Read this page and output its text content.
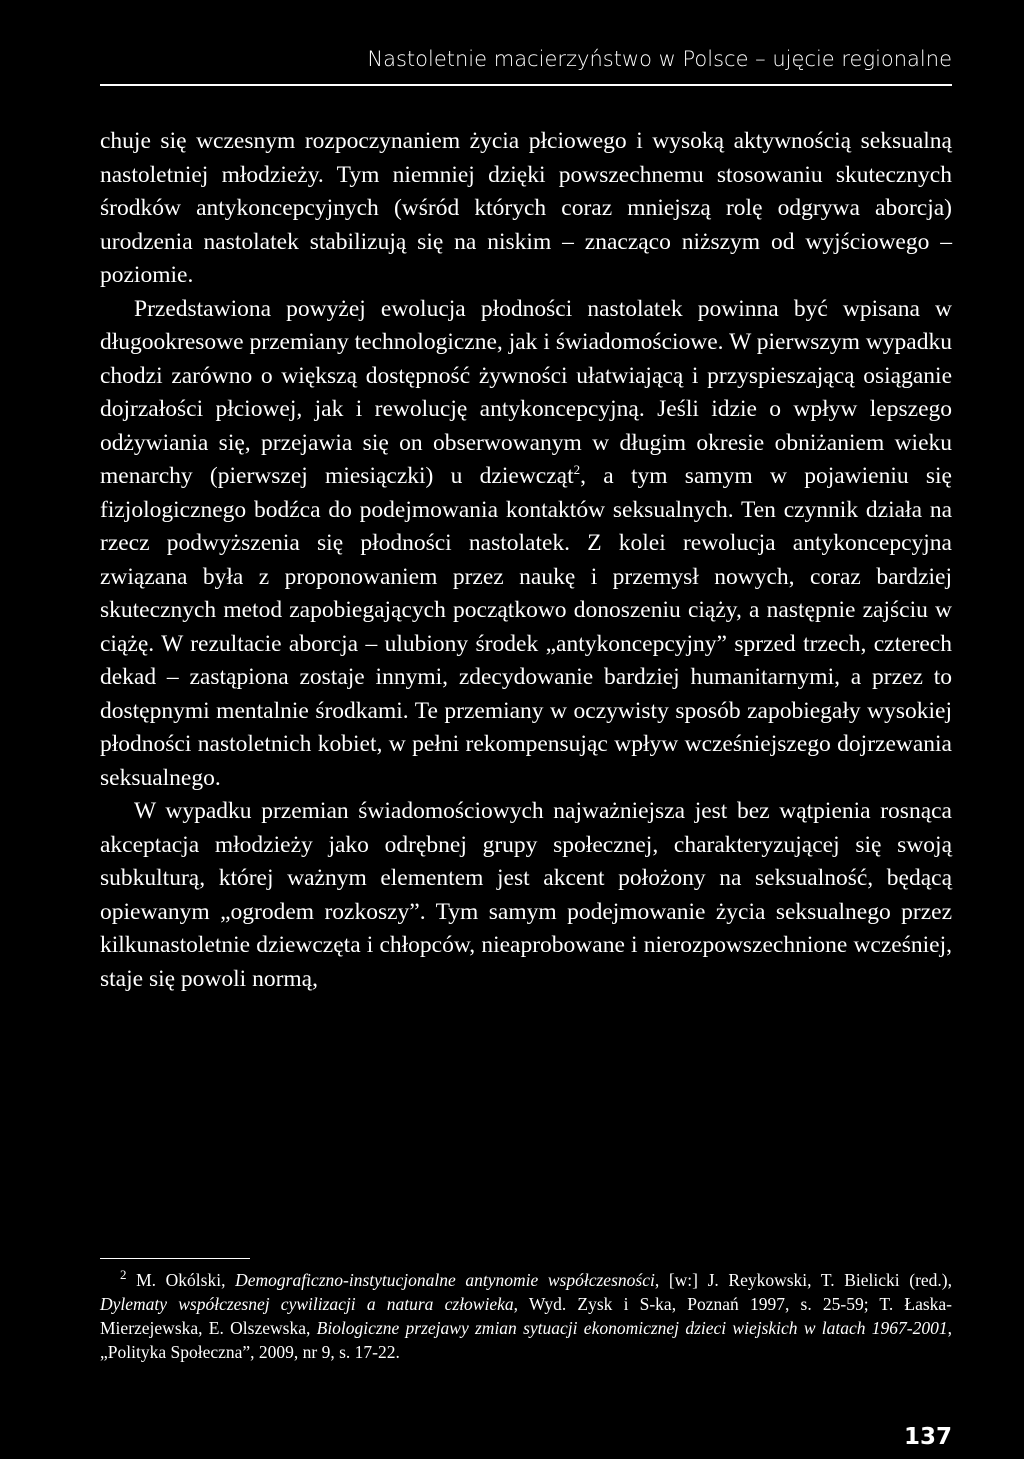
Nastoletnie macierzyństwo w Polsce – ujęcie regionalne

chuje się wczesnym rozpoczynaniem życia płciowego i wysoką aktywnością seksualną nastoletniej młodzieży. Tym niemniej dzięki powszechnemu stosowaniu skutecznych środków antykoncepcyjnych (wśród których coraz mniejszą rolę odgrywa aborcja) urodzenia nastolatek stabilizują się na niskim – znacząco niższym od wyjściowego – poziomie.

Przedstawiona powyżej ewolucja płodności nastolatek powinna być wpisana w długookresowe przemiany technologiczne, jak i świadomościowe. W pierwszym wypadku chodzi zarówno o większą dostępność żywności ułatwiającą i przyspieszającą osiąganie dojrzałości płciowej, jak i rewolucję antykoncepcyjną. Jeśli idzie o wpływ lepszego odżywiania się, przejawia się on obserwowanym w długim okresie obniżaniem wieku menarchy (pierwszej miesiączki) u dziewcząt$^2$, a tym samym w pojawieniu się fizjologicznego bodźca do podejmowania kontaktów seksualnych. Ten czynnik działa na rzecz podwyższenia się płodności nastolatek. Z kolei rewolucja antykoncepcyjna związana była z proponowaniem przez naukę i przemysł nowych, coraz bardziej skutecznych metod zapobiegających początkowo donoszeniu ciąży, a następnie zajściu w ciążę. W rezultacie aborcja – ulubiony środek „antykoncepcyjny” sprzed trzech, czterech dekad – zastąpiona zostaje innymi, zdecydowanie bardziej humanitarnymi, a przez to dostępnymi mentalnie środkami. Te przemiany w oczywisty sposób zapobiegały wysokiej płodności nastoletnich kobiet, w pełni rekompensując wpływ wcześniejszego dojrzewania seksualnego.

W wypadku przemian świadomościowych najważniejsza jest bez wątpienia rosnąca akceptacja młodzieży jako odrębnej grupy społecznej, charakteryzującej się swoją subkulturą, której ważnym elementem jest akcent położony na seksualność, będącą opiewanym „ogrodem rozkoszy”. Tym samym podejmowanie życia seksualnego przez kilkunastoletnie dziewczęta i chłopców, nieaprobowane i nierozpowszechnione wcześniej, staje się powoli normą,

$^2$ M. Okólski, Demograficzno-instytucjonalne antynomie współczesności, [w:] J. Reykowski, T. Bielicki (red.), Dylematy współczesnej cywilizacji a natura człowieka, Wyd. Zysk i S-ka, Poznań 1997, s. 25-59; T. Łaska-Mierzejewska, E. Olszewska, Biologiczne przejawy zmian sytuacji ekonomicznej dzieci wiejskich w latach 1967-2001, „Polityka Społeczna”, 2009, nr 9, s. 17-22.
137
